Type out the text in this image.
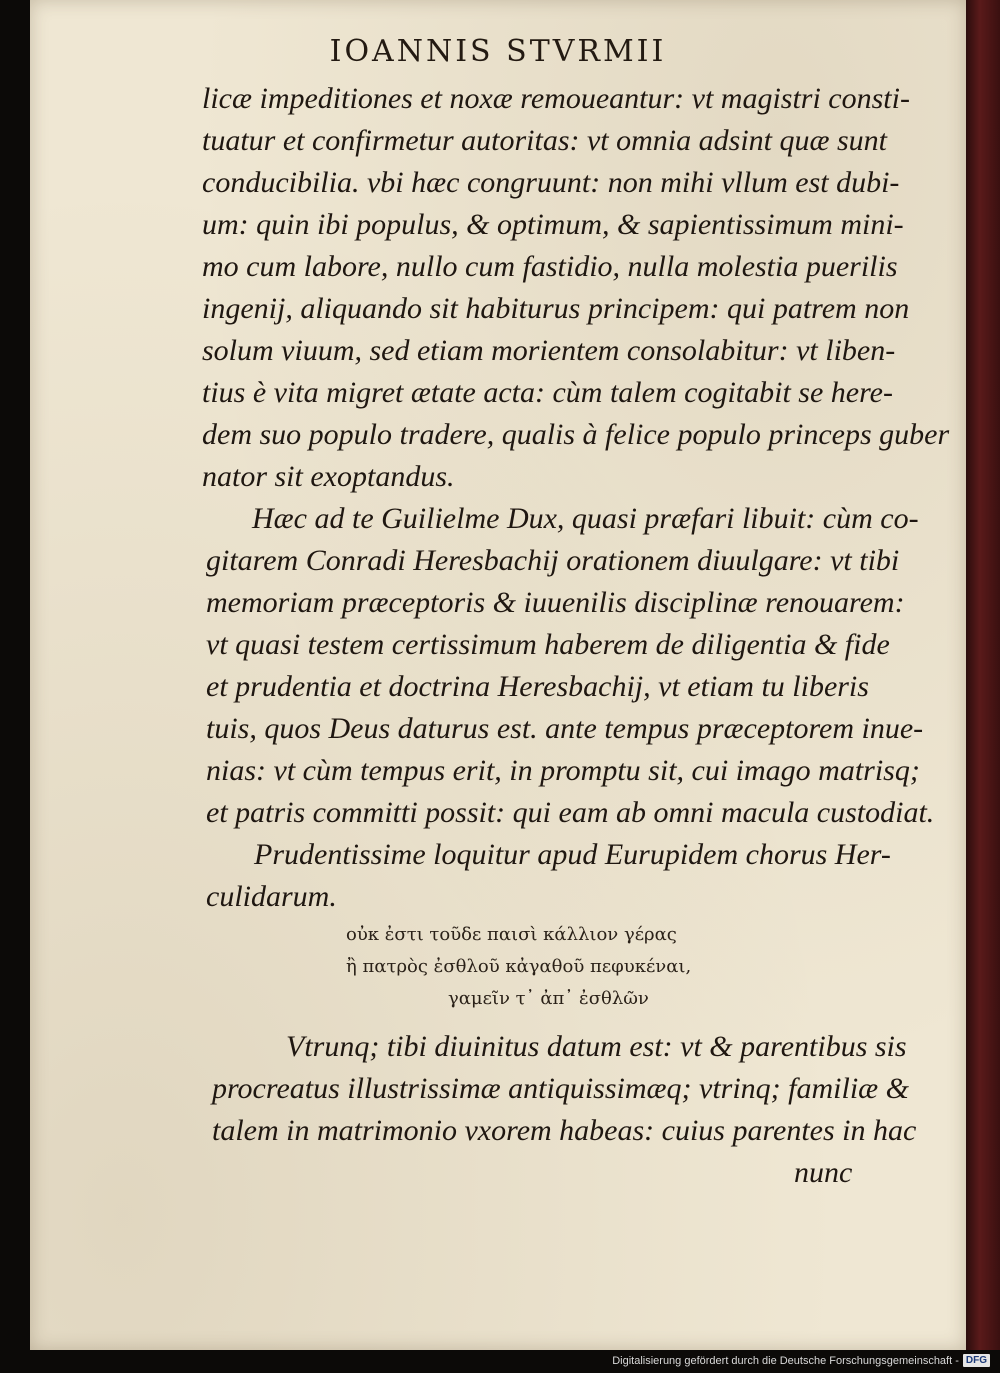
IOANNIS STVRMII
licæ impeditiones et noxæ remoueantur: vt magistri consti-
tuatur et confirmetur autoritas: vt omnia adsint quæ sunt
conducibilia. vbi hæc congruunt: non mihi vllum est dubi-
um: quin ibi populus, & optimum, & sapientissimum mini-
mo cum labore, nullo cum fastidio, nulla molestia puerilis
ingenij, aliquando sit habiturus principem: qui patrem non
solum viuum, sed etiam morientem consolabitur: vt liben-
tius è vita migret ætate acta: cùm talem cogitabit se here-
dem suo populo tradere, qualis à felice populo princeps guber
nator sit exoptandus.
Hæc ad te Guilielme Dux, quasi præfari libuit: cùm co-
gitarem Conradi Heresbachij orationem diuulgare: vt tibi
memoriam præceptoris & iuuenilis disciplinæ renouarem:
vt quasi testem certissimum haberem de diligentia & fide
et prudentia et doctrina Heresbachij, vt etiam tu liberis
tuis, quos Deus daturus est. ante tempus præceptorem inue-
nias: vt cùm tempus erit, in promptu sit, cui imago matrisq;
et patris committi possit: qui eam ab omni macula custodiat.
Prudentissime loquitur apud Eurupidem chorus Her-
culidarum.
οὐκ ἐστι τοῦδε παισὶ κάλλιον γέρας
ἢ πατρὸς ἐσθλοῦ κἀγαθοῦ πεφυκέναι,
γαμεῖν τ᾽ ἀπ᾽ ἐσθλῶν
Vtrunq; tibi diuinitus datum est: vt & parentibus sis
procreatus illustrissimæ antiquissimæq; vtrinq; familiæ &
talem in matrimonio vxorem habeas: cuius parentes in hac
nunc
Digitalisierung gefördert durch die Deutsche Forschungsgemeinschaft - DFG
